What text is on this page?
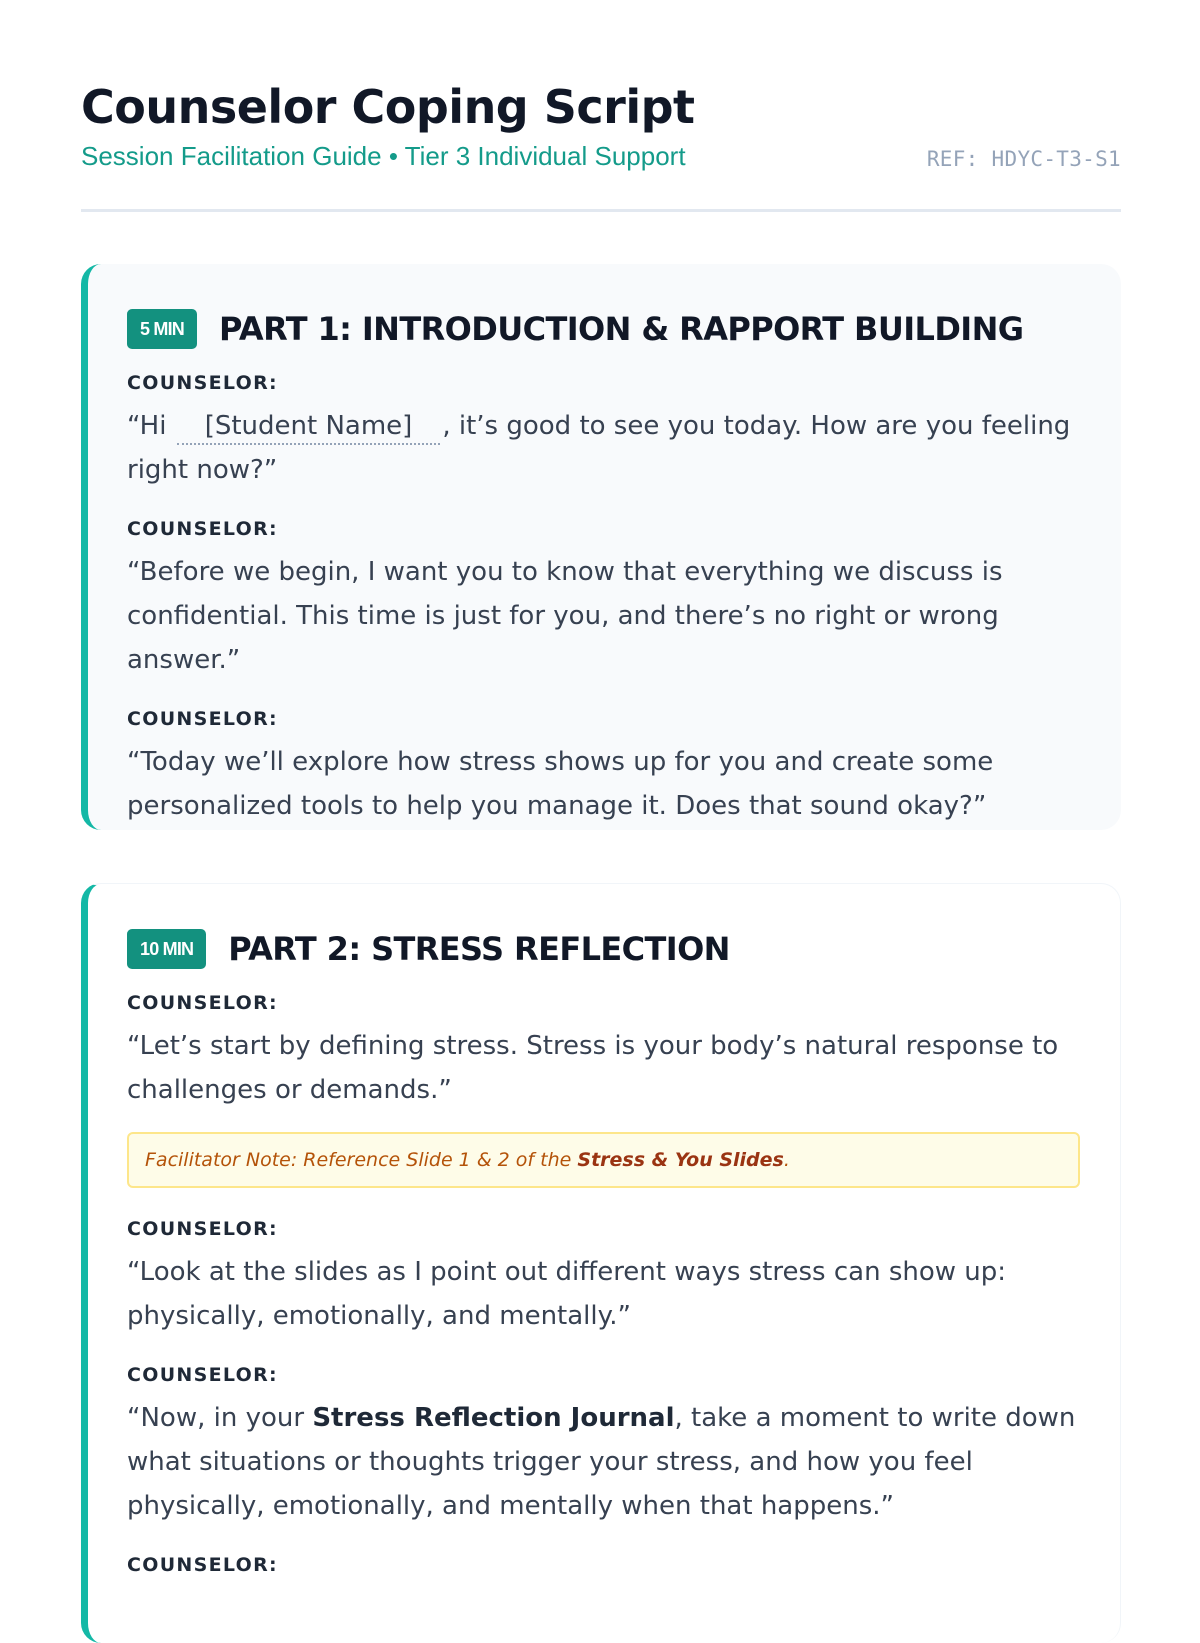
Counselor Coping Script
Session Facilitation Guide • Tier 3 Individual Support	REF: HDYC-T3-S1
5 MIN	PART 1: INTRODUCTION & RAPPORT BUILDING
COUNSELOR:

“Hi [Student Name] , it’s good to see you today. How are you feeling right now?”

COUNSELOR:

“Before we begin, I want you to know that everything we discuss is confidential. This time is just for you, and there’s no right or wrong answer.”

COUNSELOR:

“Today we’ll explore how stress shows up for you and create some personalized tools to help you manage it. Does that sound okay?”

10 MIN	PART 2: STRESS REFLECTION
COUNSELOR:

“Let’s start by defining stress. Stress is your body’s natural response to challenges or demands.”

Facilitator Note: Reference Slide 1 & 2 of the Stress & You Slides.
COUNSELOR:

“Look at the slides as I point out different ways stress can show up: physically, emotionally, and mentally.”

COUNSELOR:

“Now, in your Stress Reflection Journal, take a moment to write down what situations or thoughts trigger your stress, and how you feel physically, emotionally, and mentally when that happens.”

COUNSELOR:
